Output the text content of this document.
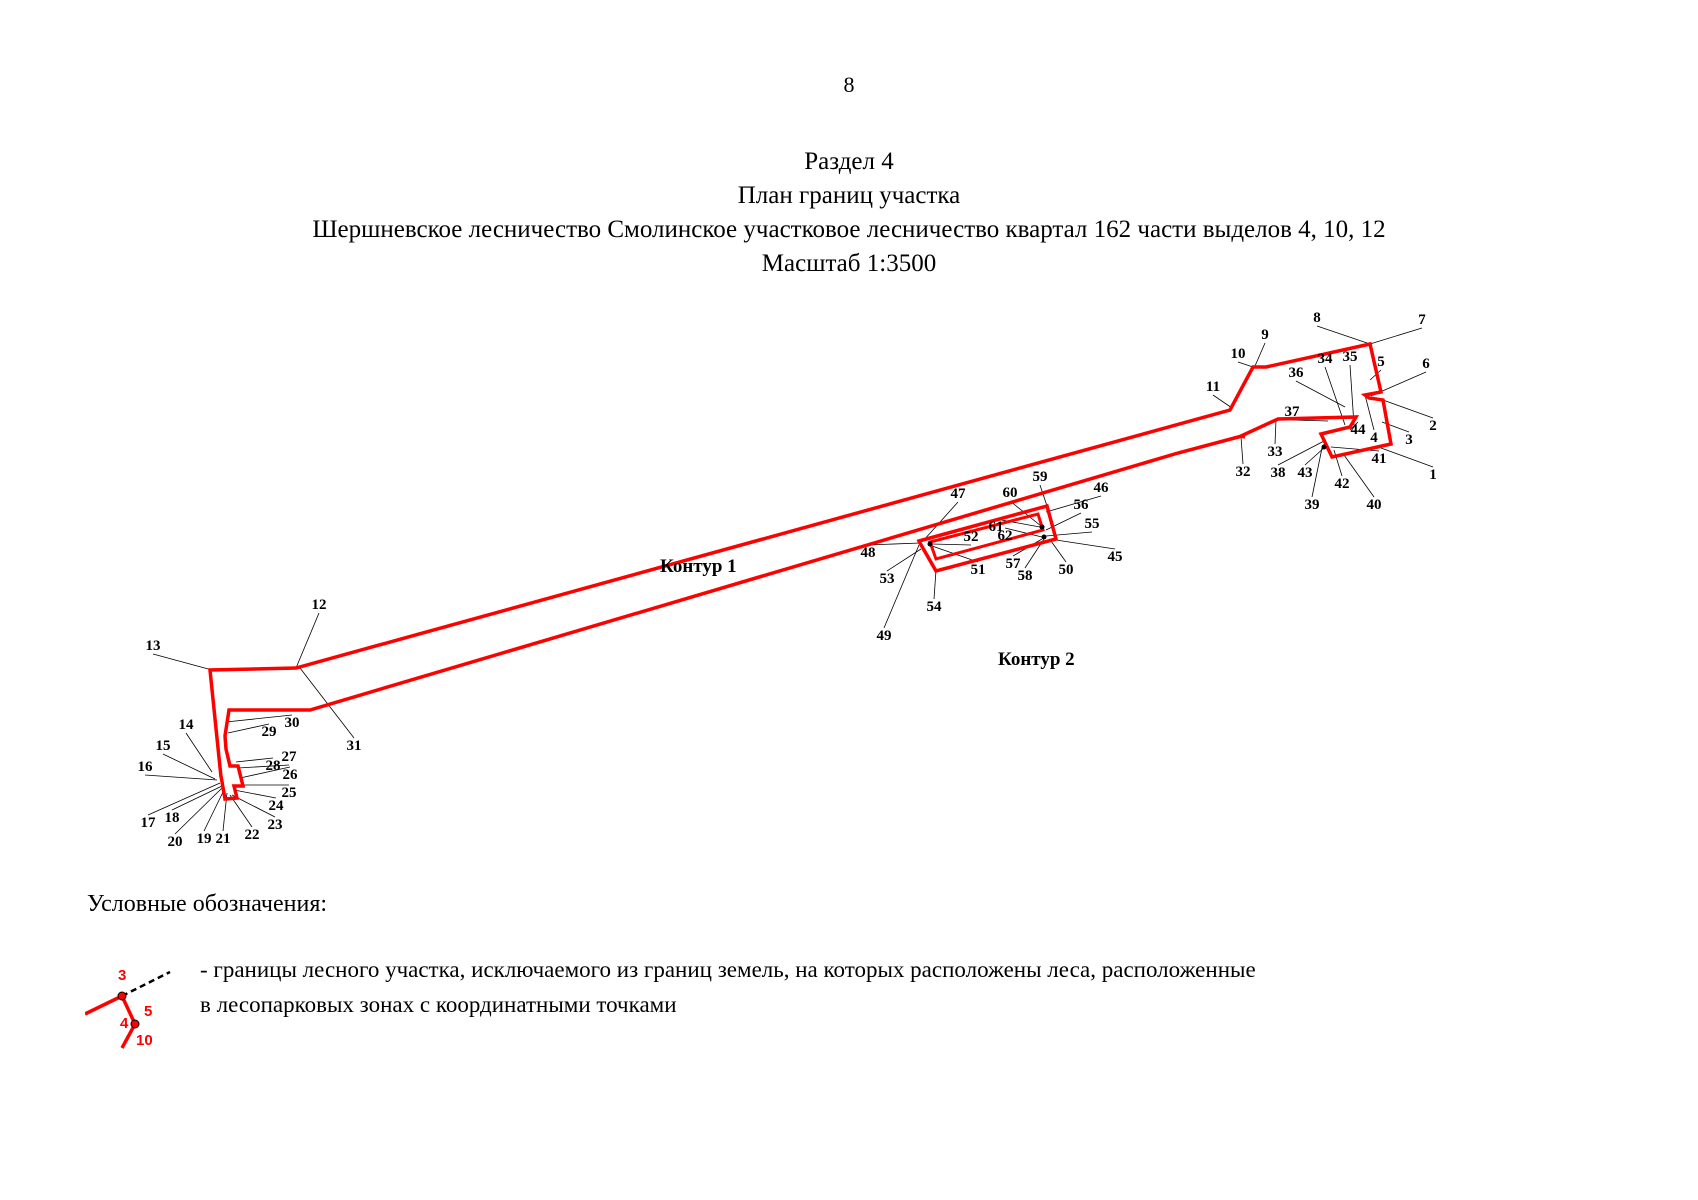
8
Раздел 4
План границ участка
Шершневское лесничество Смолинское участковое лесничество квартал 162 части выделов 4, 10, 12
Масштаб 1:3500
1
2
3
4
5	6
7
8
9
10
11
12
13
14
15
16
17 18
19
20 21 22
23
24
25
26
27
28
29
30
31
32
33
34 35
36
37
38
39	40
41
42
43
44
45
46
47
48
49
50
51
52
53
54
55
56
57
58
59
60
61
62
Контур 1
Контур 2
Условные обозначения:
3
5
4
10
- границы лесного участка, исключаемого из границ земель, на которых расположены леса, расположенные
в лесопарковых зонах с координатными точками
